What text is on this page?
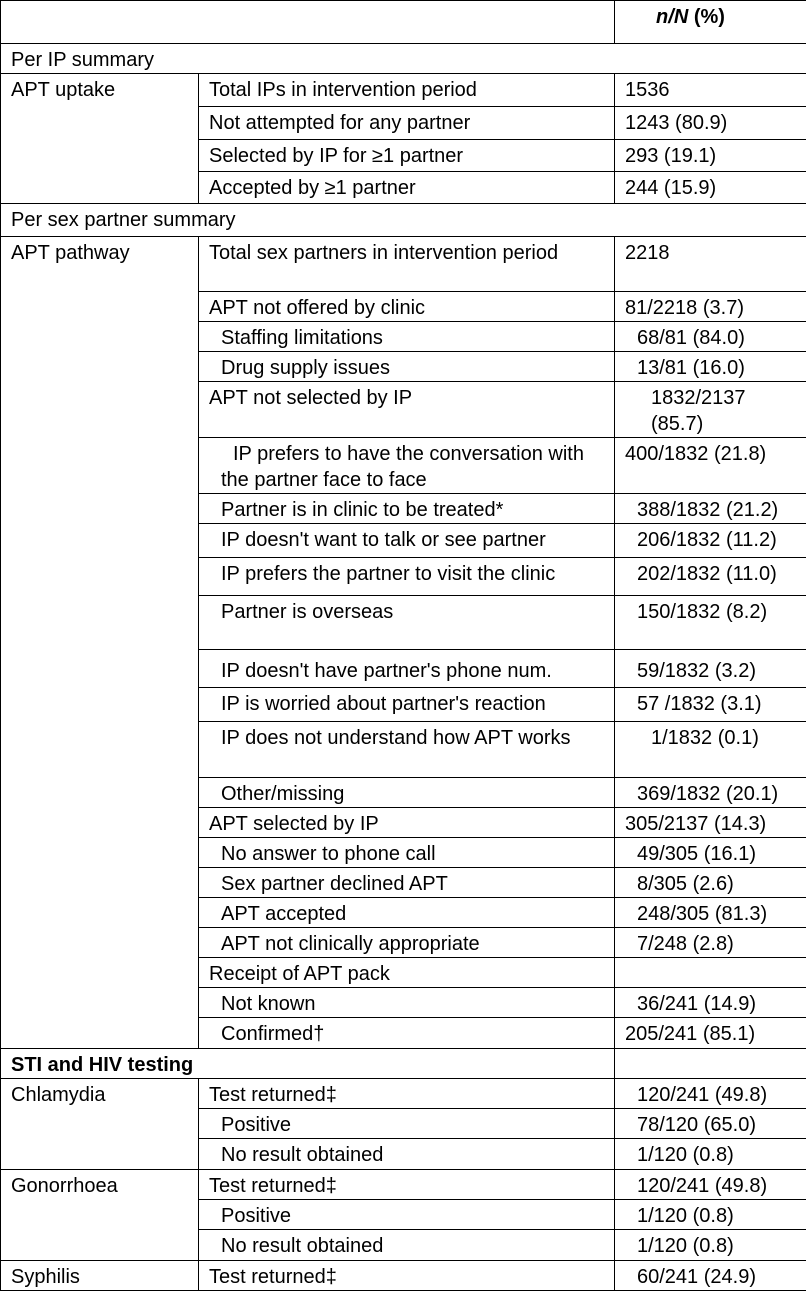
		n/N (%)
Per IP summary		
APT uptake	Total IPs in intervention period	1536
	Not attempted for any partner	1243 (80.9)
	Selected by IP for ≥1 partner	293 (19.1)
	Accepted by ≥1 partner	244 (15.9)
Per sex partner summary		
APT pathway	Total sex partners in intervention period	2218
	APT not offered by clinic	81/2218 (3.7)
	Staffing limitations	68/81 (84.0)
	Drug supply issues	13/81 (16.0)
	APT not selected by IP	1832/2137 (85.7)
	IP prefers to have the conversation with the partner face to face	400/1832 (21.8)
	Partner is in clinic to be treated*	388/1832 (21.2)
	IP doesn't want to talk or see partner	206/1832 (11.2)
	IP prefers the partner to visit the clinic	202/1832 (11.0)
	Partner is overseas	150/1832 (8.2)
	IP doesn't have partner's phone num.	59/1832 (3.2)
	IP is worried about partner's reaction	57 /1832 (3.1)
	IP does not understand how APT works	1/1832 (0.1)
	Other/missing	369/1832 (20.1)
	APT selected by IP	305/2137 (14.3)
	No answer to phone call	49/305 (16.1)
	Sex partner declined APT	8/305 (2.6)
	APT accepted	248/305 (81.3)
	APT not clinically appropriate	7/248 (2.8)
	Receipt of APT pack	
	Not known	36/241 (14.9)
	Confirmed†	205/241 (85.1)
STI and HIV testing		
Chlamydia	Test returned‡	120/241 (49.8)
	Positive	78/120 (65.0)
	No result obtained	1/120 (0.8)
Gonorrhoea	Test returned‡	120/241 (49.8)
	Positive	1/120 (0.8)
	No result obtained	1/120 (0.8)
Syphilis	Test returned‡	60/241 (24.9)
